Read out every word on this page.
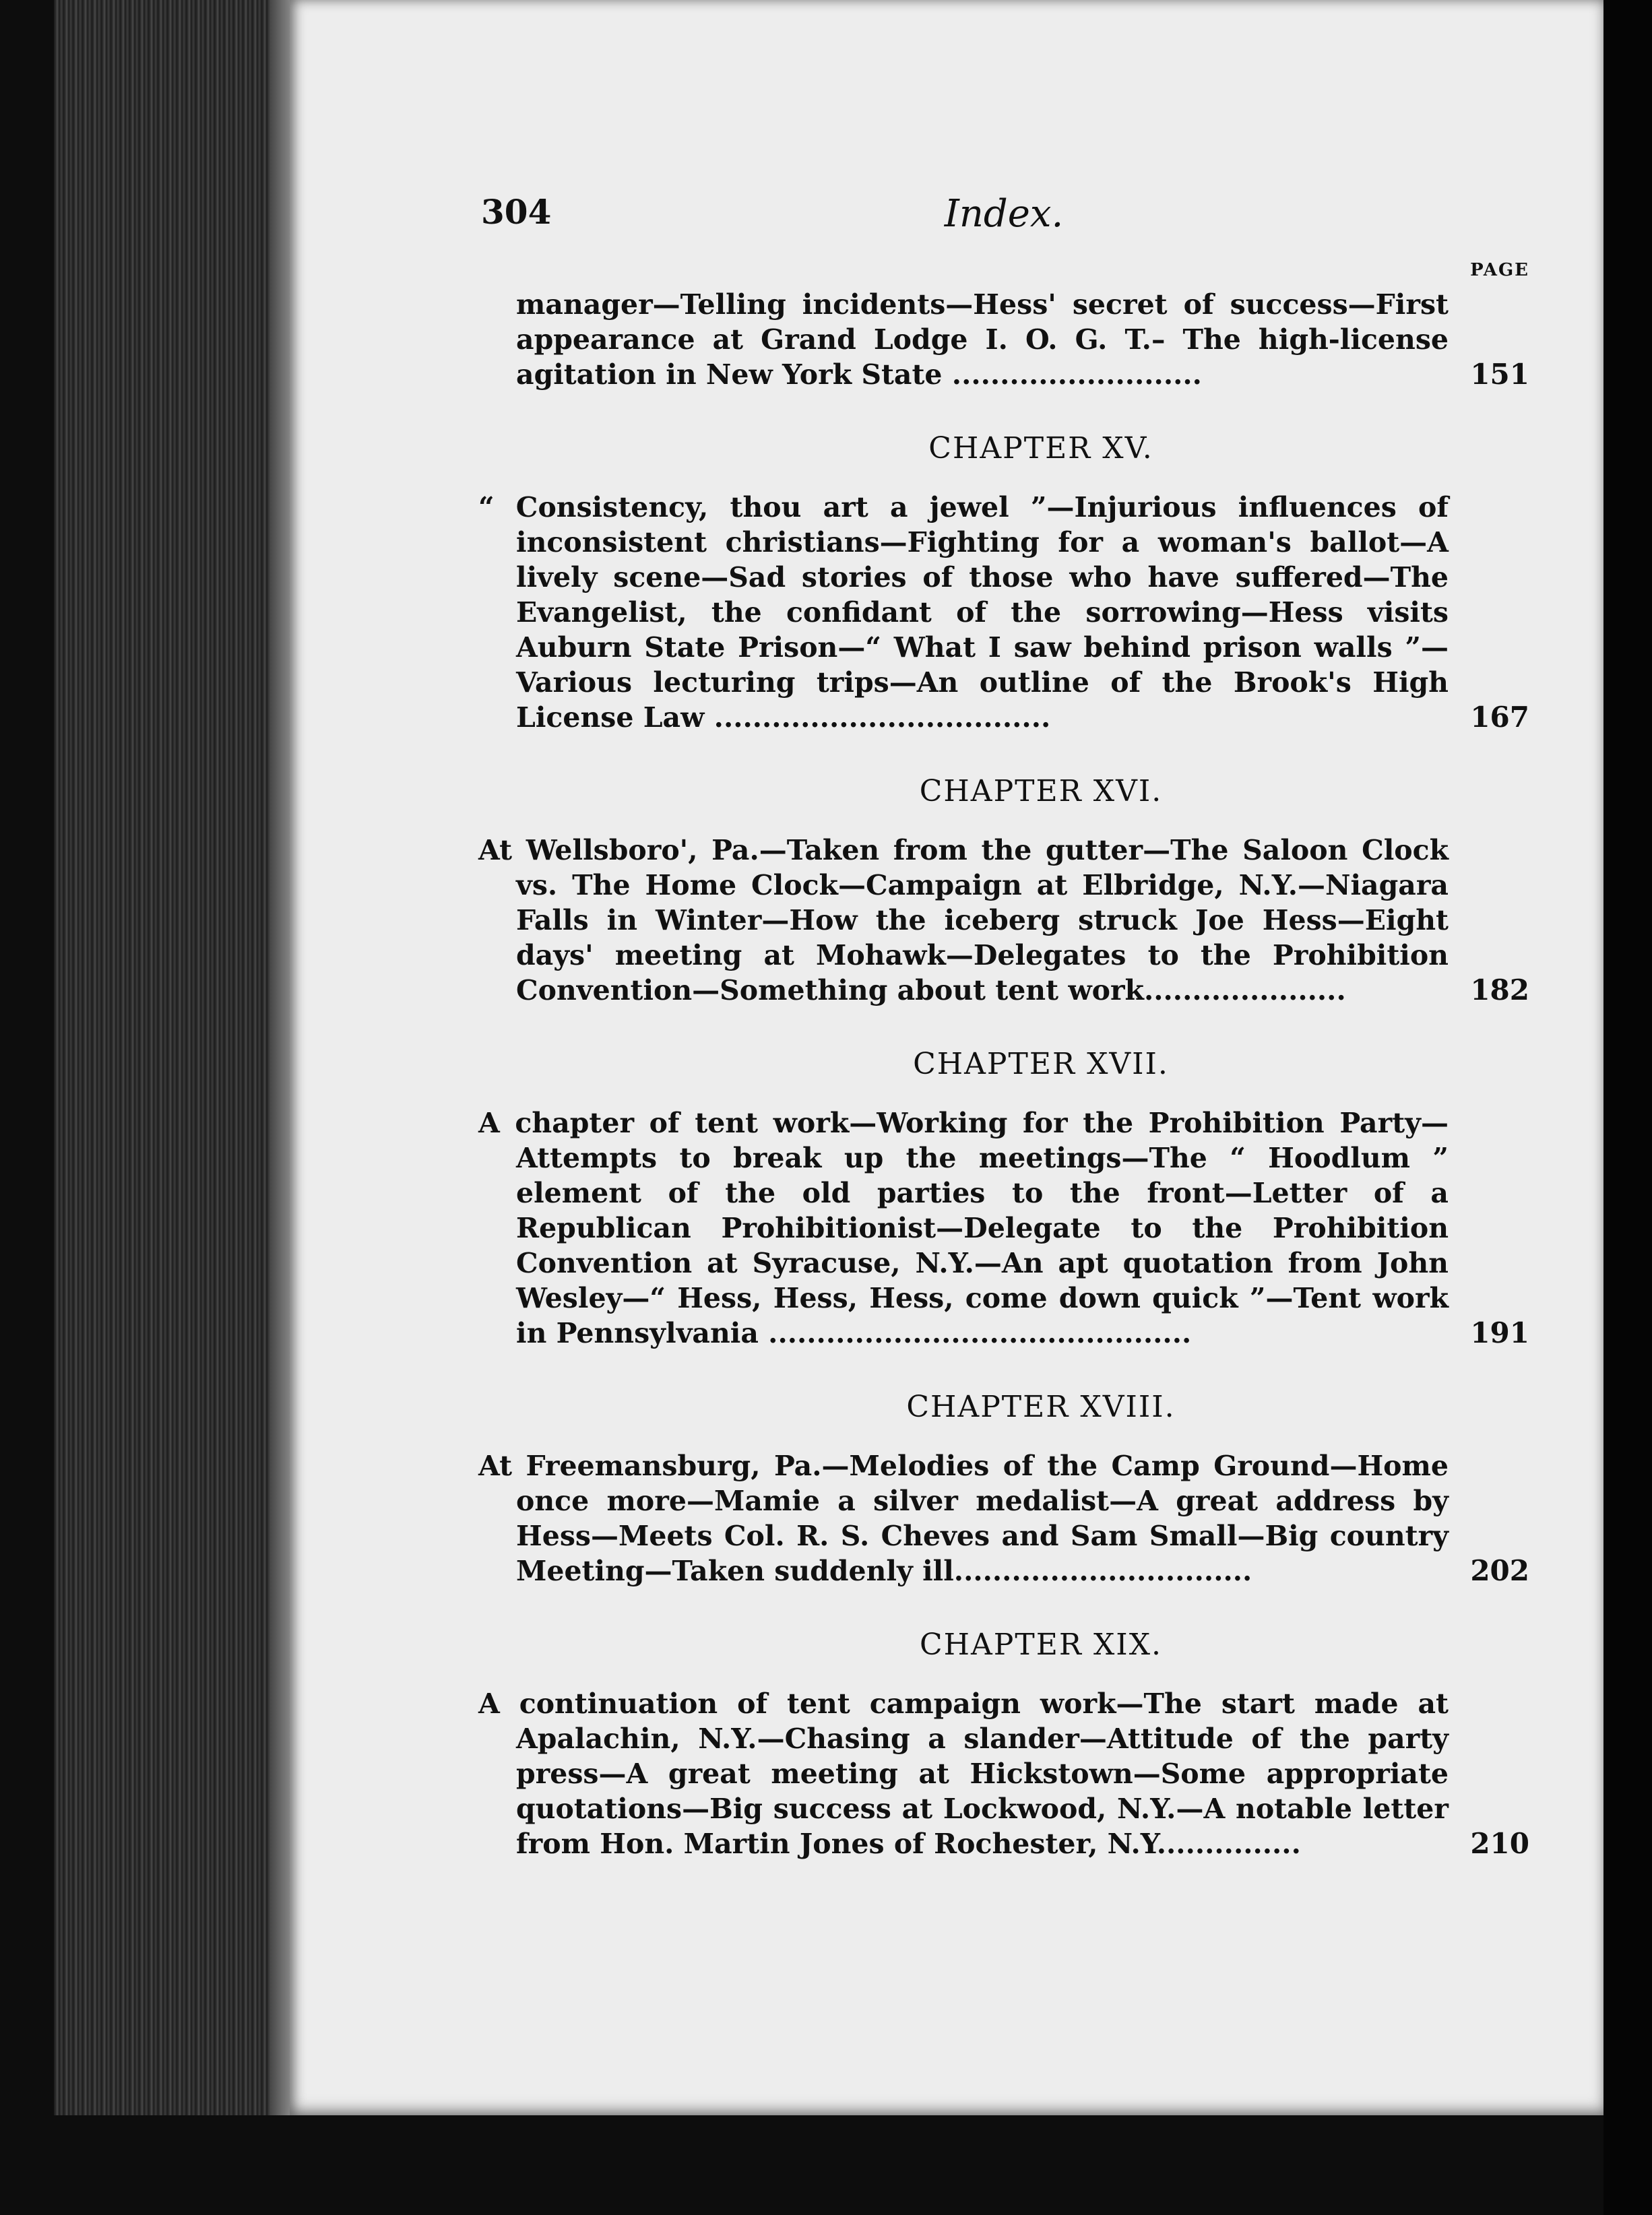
304	Index.
PAGE
manager—Telling incidents—Hess' secret of success—First appearance at Grand Lodge I. O. G. T.– The high-license agitation in New York State ..........................	151
CHAPTER XV.
“ Consistency, thou art a jewel ”—Injurious influences of inconsistent christians—Fighting for a woman's ballot—A lively scene—Sad stories of those who have suffered—The Evangelist, the confidant of the sorrowing—Hess visits Auburn State Prison—“ What I saw behind prison walls ”—Various lecturing trips—An outline of the Brook's High License Law ...................................	167
CHAPTER XVI.
At Wellsboro', Pa.—Taken from the gutter—The Saloon Clock vs. The Home Clock—Campaign at Elbridge, N.Y.—Niagara Falls in Winter—How the iceberg struck Joe Hess—Eight days' meeting at Mohawk—Delegates to the Prohibition Convention—Something about tent work.....................	182
CHAPTER XVII.
A chapter of tent work—Working for the Prohibition Party—Attempts to break up the meetings—The “ Hoodlum ” element of the old parties to the front—Letter of a Republican Prohibitionist—Delegate to the Prohibition Convention at Syracuse, N.Y.—An apt quotation from John Wesley—“ Hess, Hess, Hess, come down quick ”—Tent work in Pennsylvania ............................................	191
CHAPTER XVIII.
At Freemansburg, Pa.—Melodies of the Camp Ground—Home once more—Mamie a silver medalist—A great address by Hess—Meets Col. R. S. Cheves and Sam Small—Big country Meeting—Taken suddenly ill...............................	202
CHAPTER XIX.
A continuation of tent campaign work—The start made at Apalachin, N.Y.—Chasing a slander—Attitude of the party press—A great meeting at Hickstown—Some appropriate quotations—Big success at Lockwood, N.Y.—A notable letter from Hon. Martin Jones of Rochester, N.Y...............	210
